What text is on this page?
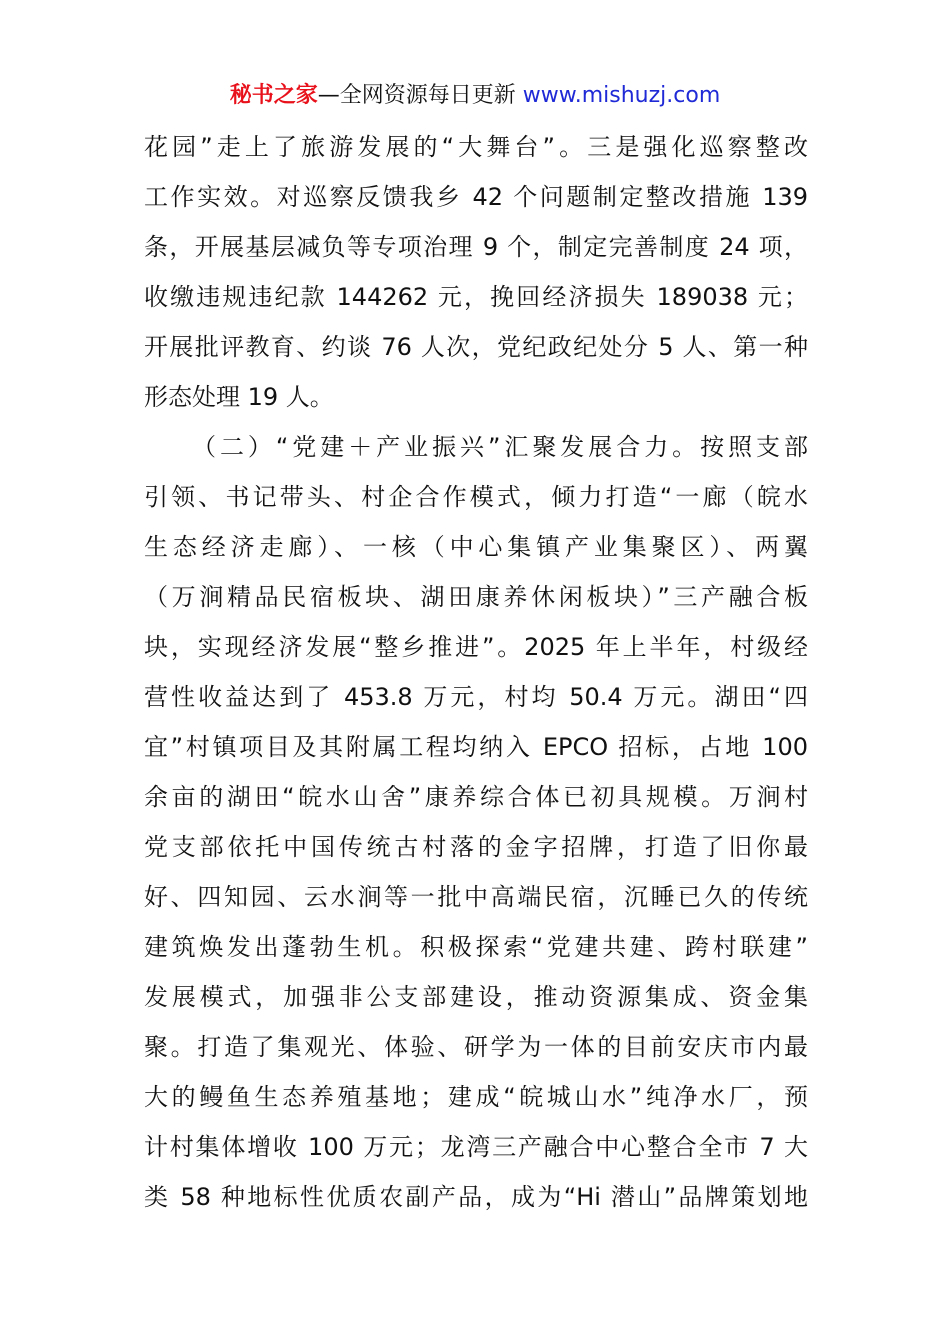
秘书之家—全网资源每日更新 www.mishuzj.com
花园”走上了旅游发展的“大舞台”。三是强化巡察整改
工作实效。对巡察反馈我乡 42 个问题制定整改措施 139
条，开展基层减负等专项治理 9 个，制定完善制度 24 项，
收缴违规违纪款 144262 元，挽回经济损失 189038 元；
开展批评教育、约谈 76 人次，党纪政纪处分 5 人、第一种
形态处理 19 人。
（二）“党建＋产业振兴”汇聚发展合力。按照支部
引领、书记带头、村企合作模式，倾力打造“一廊（皖水
生态经济走廊）、一核（中心集镇产业集聚区）、两翼
（万涧精品民宿板块、湖田康养休闲板块）”三产融合板
块，实现经济发展“整乡推进”。2025 年上半年，村级经
营性收益达到了 453.8 万元，村均 50.4 万元。湖田“四
宜”村镇项目及其附属工程均纳入 EPCO 招标，占地 100
余亩的湖田“皖水山舍”康养综合体已初具规模。万涧村
党支部依托中国传统古村落的金字招牌，打造了旧你最
好、四知园、云水涧等一批中高端民宿，沉睡已久的传统
建筑焕发出蓬勃生机。积极探索“党建共建、跨村联建”
发展模式，加强非公支部建设，推动资源集成、资金集
聚。打造了集观光、体验、研学为一体的目前安庆市内最
大的鳗鱼生态养殖基地；建成“皖城山水”纯净水厂，预
计村集体增收 100 万元；龙湾三产融合中心整合全市 7 大
类 58 种地标性优质农副产品，成为“Hi 潜山”品牌策划地
